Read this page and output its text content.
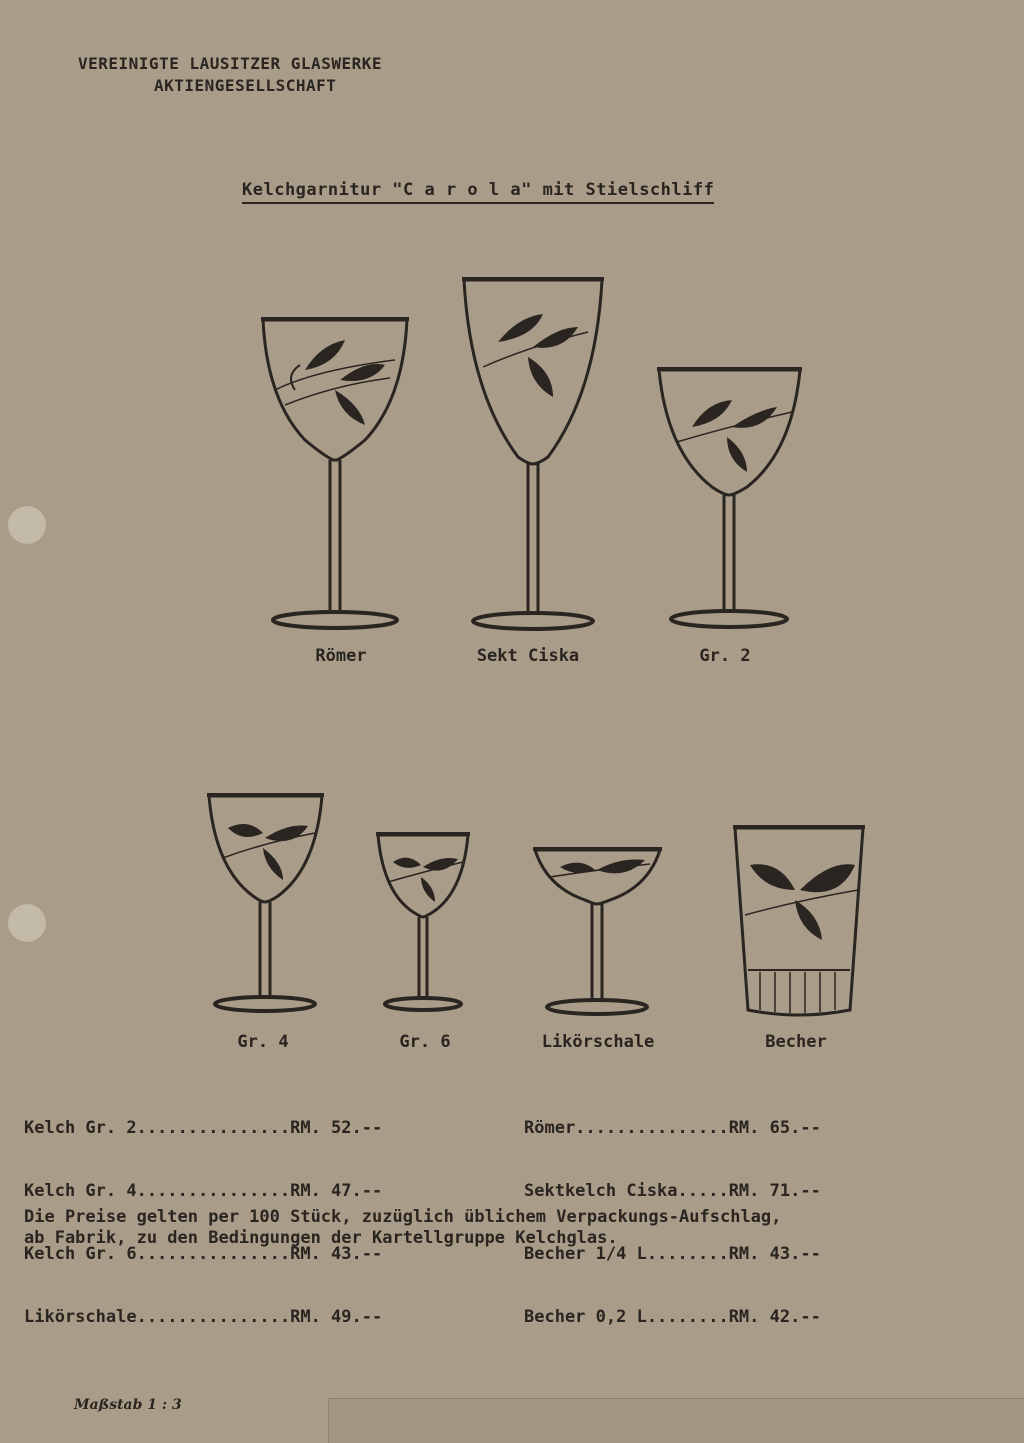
VEREINIGTE LAUSITZER GLASWERKE
AKTIENGESELLSCHAFT
Kelchgarnitur "C a r o l a" mit Stielschliff
Römer	Sekt Ciska	Gr. 2
Gr. 4	Gr. 6	Likörschale	Becher

Kelch Gr. 2...............RM. 52.--

Kelch Gr. 4...............RM. 47.--

Kelch Gr. 6...............RM. 43.--

Likörschale...............RM. 49.--

Römer...............RM. 65.--

Sektkelch Ciska.....RM. 71.--

Becher 1/4 L........RM. 43.--

Becher 0,2 L........RM. 42.--

Die Preise gelten per 100 Stück, zuzüglich üblichem Verpackungs-Aufschlag,
ab Fabrik, zu den Bedingungen der Kartellgruppe Kelchglas.
Maßstab 1 : 3
